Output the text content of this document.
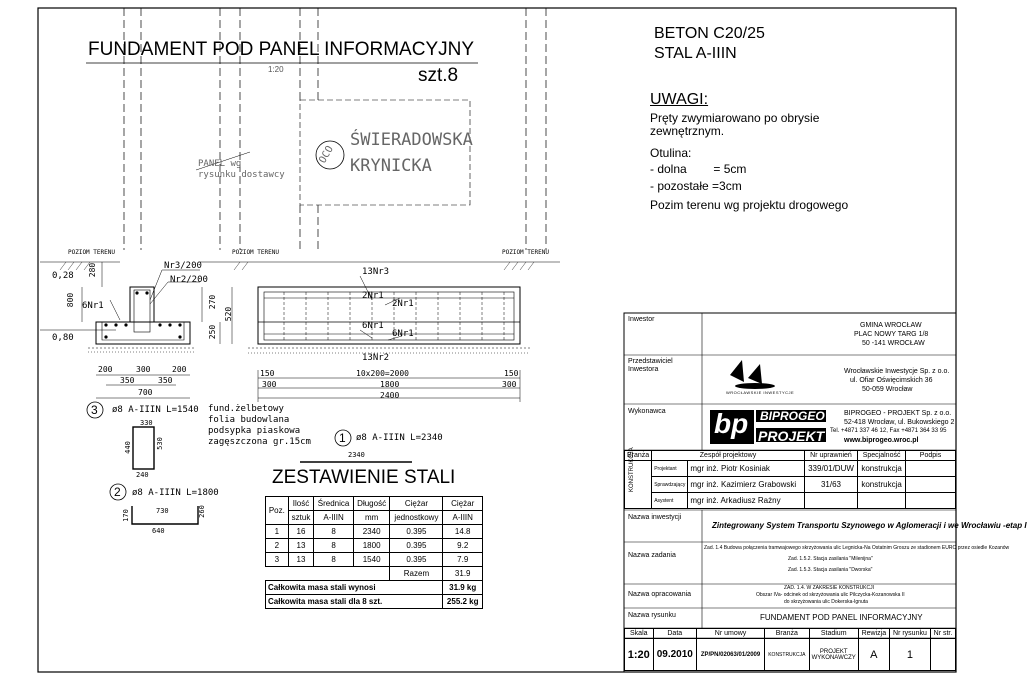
FUNDAMENT POD PANEL INFORMACYJNY
1:20	szt.8
BETON C20/25
STAL A-IIIN
UWAGI:
Pręty zwymiarowano po obrysie
zewnętrznym.
Otulina:
- dolna        = 5cm
- pozostałe =3cm
Pozim terenu wg projektu drogowego
PANEL wg
rysunku dostawcy
ŚWIERADOWSKA
KRYNICKA
OCO
POZIOM TERENU	POZIOM TERENU	POZIOM TERENU
0,28
0,80
280
800	270
250
520
Nr3/200
Nr2/200
6Nr1
200	300	200
350	350
700
13Nr3
2Nr1
2Nr1
6Nr1
6Nr1
13Nr2
150	10x200=2000	150
300	1800	300
2400
fund.żelbetowy
folia budowlana
podsypka piaskowa
zagęszczona gr.15cm
3 ø8 A-IIIN L=1540
330
440	530
240
2 ø8 A-IIIN L=1800
730
170	260
640
1 ø8 A-IIIN L=2340
2340
ZESTAWIENIE STALI
Poz.	Ilość	Średnica	Długość	Ciężar	Ciężar
	sztuk	A-IIIN	mm	jednostkowy	A-IIIN
1	16	8	2340	0.395	14.8
2	13	8	1800	0.395	9.2
3	13	8	1540	0.395	7.9
				Razem	31.9
Całkowita masa stali wynosi					31.9 kg
Całkowita masa stali dla 8 szt.					255.2 kg
Inwestor
GMINA WROCŁAW
PLAC NOWY TARG 1/8
50 -141 WROCŁAW
Przedstawiciel
Inwestora
WROCŁAWSKIE INWESTYCJE
Wrocławskie Inwestycje Sp. z o.o.
ul. Ofiar Oświęcimskich 36
50-059 Wrocław
Wykonawca bp BIPROGEO
PROJEKT
BIPROGEO - PROJEKT Sp. z o.o.
52-418 Wrocław, ul. Bukowskiego 2
Tel. +4871 337 46 12, Fax +4871 364 33 95
www.biprogeo.wroc.pl
Branża	Zespół projektowy		Nr uprawnień	Specjalność	Podpis

KONSTRUKCJA	Projektant	mgr inż. Piotr Kosiniak	339/01/DUW	konstrukcja	
	Sprawdzający	mgr inż. Kazimierz Grabowski	31/63	konstrukcja	
	Asystent	mgr inż. Arkadiusz Rażny			
Nazwa inwestycji
Zintegrowany System Transportu Szynowego w Aglomeracji i we Wrocławiu -etap I
Nazwa zadania
Zad. 1.4 Budowa połączenia tramwajowego skrzyżowania ulic Legnicka-Na Ostatnim Groszu ze stadionem EURO przez osiedle Kozanów
Zad. 1.5.2. Stacja zasilania "Milenijna"
Zad. 1.5.3. Stacja zasilania "Dworska"
Nazwa opracowania
ZAD. 1.4. W ZAKRESIE KONSTRUKCJI
Obszar IVa- odcinek od skrzyżowania ulic Pilczycka-Kozanowska II
do skrzyżowania ulic Dokerska-Ignuta
Nazwa rysunku	FUNDAMENT POD PANEL INFORMACYJNY
Skala	Data	Nr umowy	Branża	Stadium	Rewizja	Nr rysunku	Nr str.
1:20	09.2010	ZP/PN/02063/01/2009	KONSTRUKCJA	PROJEKT WYKONAWCZY	A	1	
